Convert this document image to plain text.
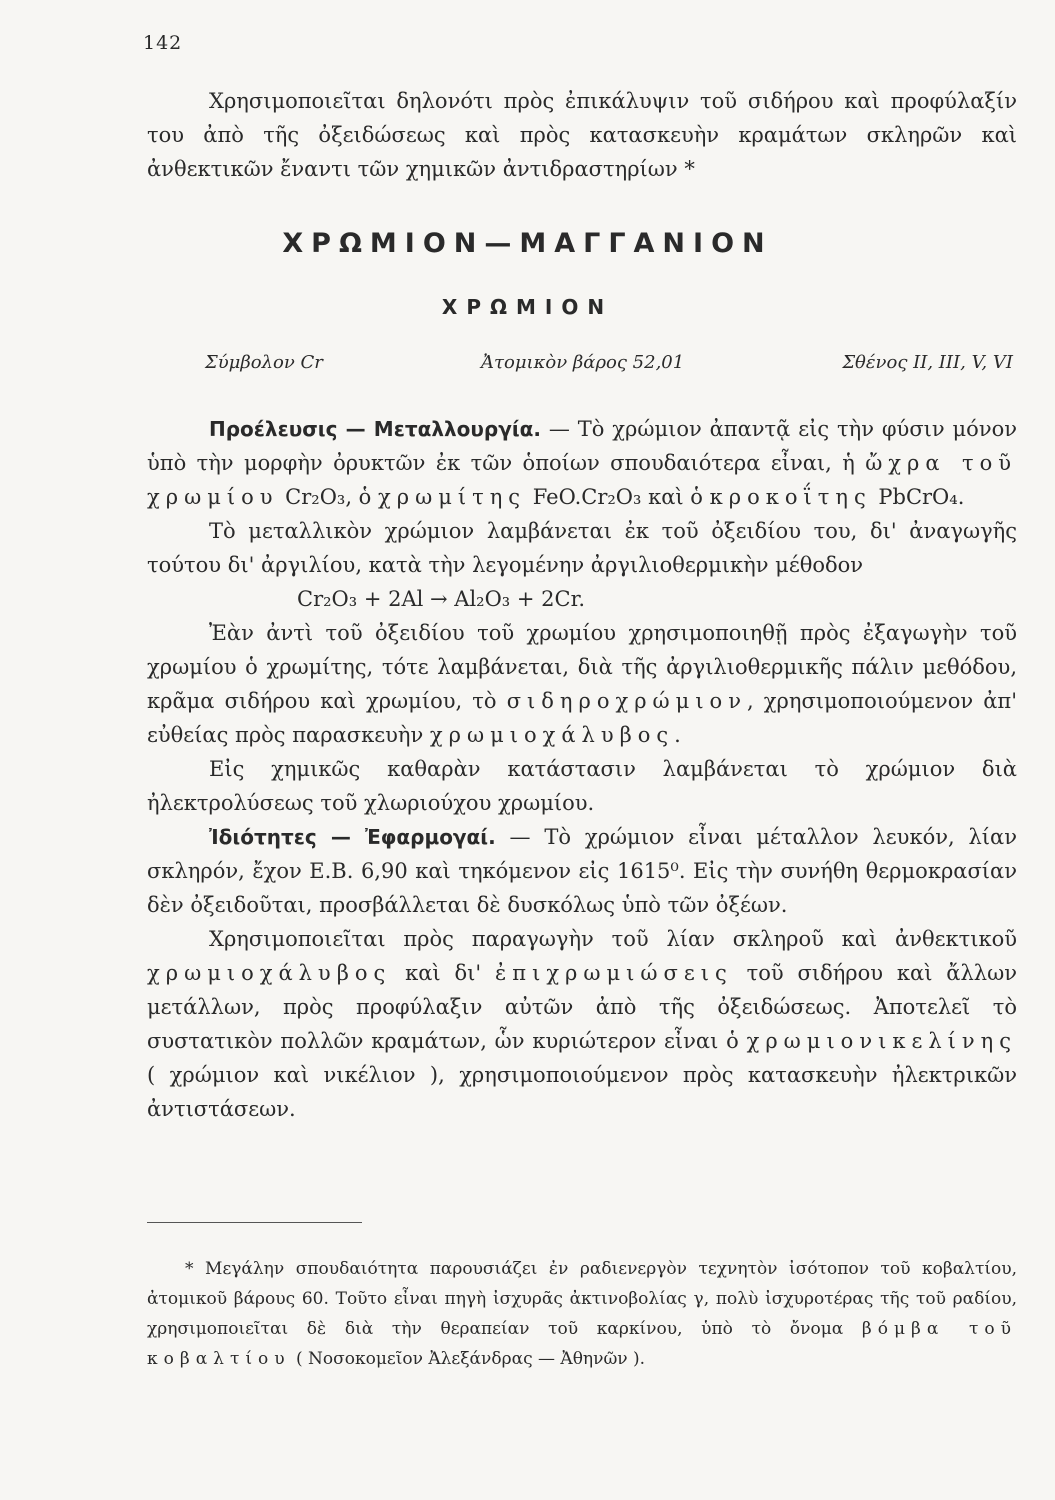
142

Χρησιμοποιεῖται δηλονότι πρὸς ἐπικάλυψιν τοῦ σιδήρου καὶ προφύλαξίν του ἀπὸ τῆς ὀξειδώσεως καὶ πρὸς κατασκευὴν κραμάτων σκληρῶν καὶ ἀνθεκτικῶν ἔναντι τῶν χημικῶν ἀντιδραστηρίων *

ΧΡΩΜΙΟΝ—ΜΑΓΓΑΝΙΟΝ
ΧΡΩΜΙΟΝ
Σύμβολον Cr	Ἀτομικὸν βάρος 52,01	Σθένος II, III, V, VI

Προέλευσις — Μεταλλουργία. — Τὸ χρώμιον ἀπαντᾷ εἰς τὴν φύσιν μόνον ὑπὸ τὴν μορφὴν ὀρυκτῶν ἐκ τῶν ὁποίων σπουδαιότερα εἶναι, ἡ ὤχρα τοῦ χρωμίου Cr₂O₃, ὁ χρωμίτης FeO.Cr₂O₃ καὶ ὁ κροκοΐτης PbCrO₄.

Τὸ μεταλλικὸν χρώμιον λαμβάνεται ἐκ τοῦ ὀξειδίου του, δι' ἀναγωγῆς τούτου δι' ἀργιλίου, κατὰ τὴν λεγομένην ἀργιλιοθερμικὴν μέθοδον

Cr₂O₃ + 2Al → Al₂O₃ + 2Cr.

Ἐὰν ἀντὶ τοῦ ὀξειδίου τοῦ χρωμίου χρησιμοποιηθῇ πρὸς ἐξαγωγὴν τοῦ χρωμίου ὁ χρωμίτης, τότε λαμβάνεται, διὰ τῆς ἀργιλιοθερμικῆς πάλιν μεθόδου, κρᾶμα σιδήρου καὶ χρωμίου, τὸ σιδηροχρώμιον, χρησιμοποιούμενον ἀπ' εὐθείας πρὸς παρασκευὴν χρωμιοχάλυβος.

Εἰς χημικῶς καθαρὰν κατάστασιν λαμβάνεται τὸ χρώμιον διὰ ἠλεκτρολύσεως τοῦ χλωριούχου χρωμίου.

Ἰδιότητες — Ἐφαρμογαί. — Τὸ χρώμιον εἶναι μέταλλον λευκόν, λίαν σκληρόν, ἔχον Ε.Β. 6,90 καὶ τηκόμενον εἰς 1615⁰. Εἰς τὴν συνήθη θερμοκρασίαν δὲν ὀξειδοῦται, προσβάλλεται δὲ δυσκόλως ὑπὸ τῶν ὀξέων.

Χρησιμοποιεῖται πρὸς παραγωγὴν τοῦ λίαν σκληροῦ καὶ ἀνθεκτικοῦ χρωμιοχάλυβος καὶ δι' ἐπιχρωμιώσεις τοῦ σιδήρου καὶ ἄλλων μετάλλων, πρὸς προφύλαξιν αὐτῶν ἀπὸ τῆς ὀξειδώσεως. Ἀποτελεῖ τὸ συστατικὸν πολλῶν κραμάτων, ὧν κυριώτερον εἶναι ὁ χρωμιονικελίνης ( χρώμιον καὶ νικέλιον ), χρησιμοποιούμενον πρὸς κατασκευὴν ἠλεκτρικῶν ἀντιστάσεων.

* Μεγάλην σπουδαιότητα παρουσιάζει ἐν ραδιενεργὸν τεχνητὸν ἰσότοπον τοῦ κοβαλτίου, ἀτομικοῦ βάρους 60. Τοῦτο εἶναι πηγὴ ἰσχυρᾶς ἀκτινοβολίας γ, πολὺ ἰσχυροτέρας τῆς τοῦ ραδίου, χρησιμοποιεῖται δὲ διὰ τὴν θεραπείαν τοῦ καρκίνου, ὑπὸ τὸ ὄνομα βόμβα τοῦ κοβαλτίου ( Νοσοκομεῖον Ἀλεξάνδρας — Ἀθηνῶν ).
